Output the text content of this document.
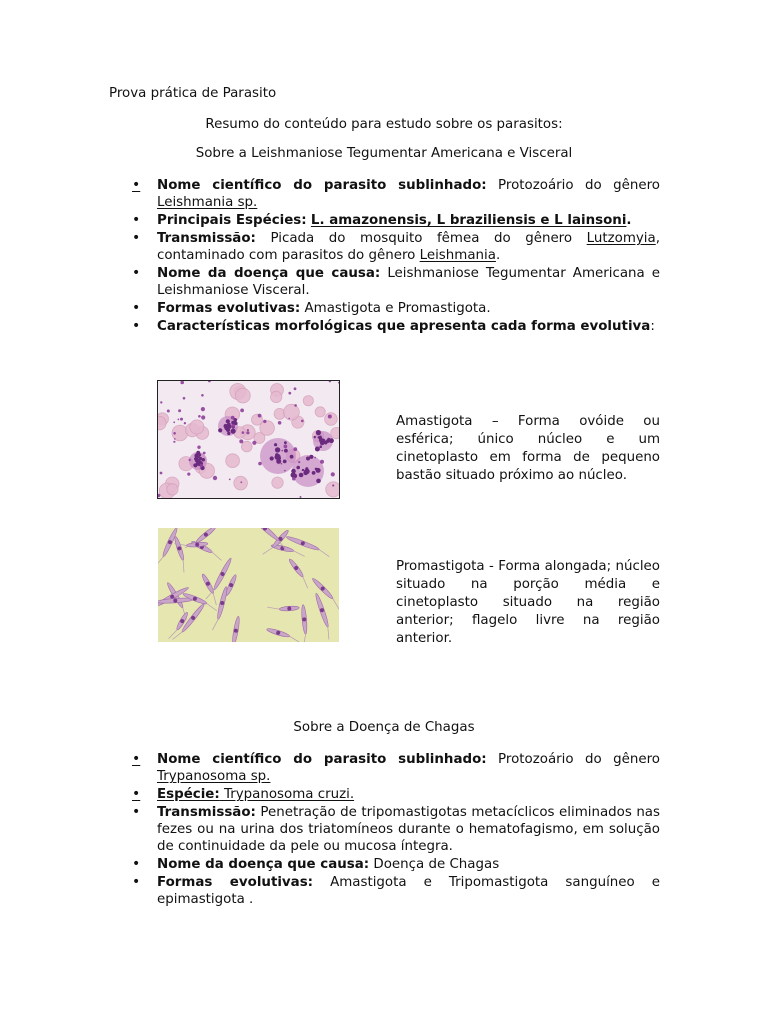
Prova prática de Parasito
Resumo do conteúdo para estudo sobre os parasitos:
Sobre a Leishmaniose Tegumentar Americana e Visceral
• Nome científico do parasito sublinhado: Protozoário do gênero Leishmania sp.
• Principais Espécies: L. amazonensis, L braziliensis e L lainsoni.
• Transmissão: Picada do mosquito fêmea do gênero Lutzomyia, contaminado com parasitos do gênero Leishmania.
• Nome da doença que causa: Leishmaniose Tegumentar Americana e Leishmaniose Visceral.
• Formas evolutivas: Amastigota e Promastigota.
• Características morfológicas que apresenta cada forma evolutiva:
Amastigota – Forma ovóide ou esférica; único núcleo e um cinetoplasto em forma de pequeno bastão situado próximo ao núcleo.
Promastigota - Forma alongada; núcleo situado na porção média e cinetoplasto situado na região anterior; flagelo livre na região anterior.
Sobre a Doença de Chagas
• Nome científico do parasito sublinhado: Protozoário do gênero Trypanosoma sp.
• Espécie: Trypanosoma cruzi.
• Transmissão: Penetração de tripomastigotas metacíclicos eliminados nas fezes ou na urina dos triatomíneos durante o hematofagismo, em solução de continuidade da pele ou mucosa íntegra.
• Nome da doença que causa: Doença de Chagas
• Formas evolutivas: Amastigota e Tripomastigota sanguíneo e epimastigota .
